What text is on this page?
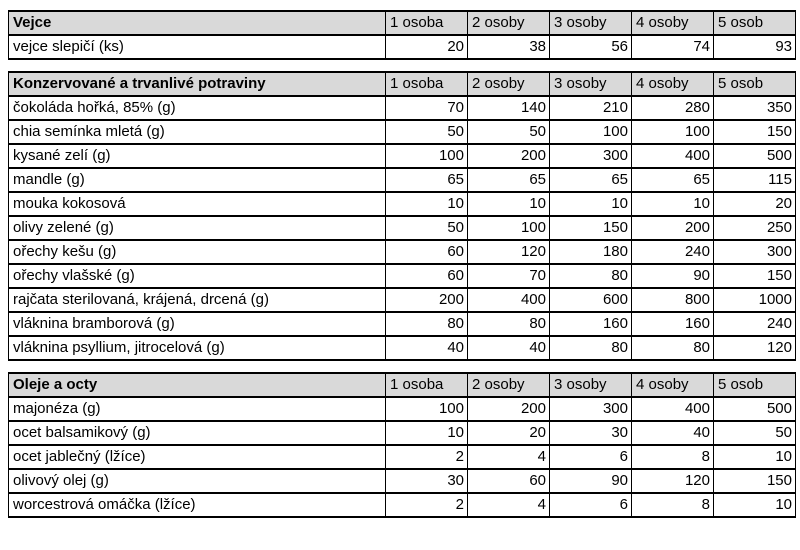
Vejce	1 osoba	2 osoby	3 osoby	4 osoby	5 osob
vejce slepičí (ks)	20	38	56	74	93
Konzervované a trvanlivé potraviny	1 osoba	2 osoby	3 osoby	4 osoby	5 osob
čokoláda hořká, 85% (g)	70	140	210	280	350
chia semínka mletá (g)	50	50	100	100	150
kysané zelí (g)	100	200	300	400	500
mandle (g)	65	65	65	65	115
mouka kokosová	10	10	10	10	20
olivy zelené (g)	50	100	150	200	250
ořechy kešu (g)	60	120	180	240	300
ořechy vlašské (g)	60	70	80	90	150
rajčata sterilovaná, krájená, drcená (g)	200	400	600	800	1000
vláknina bramborová (g)	80	80	160	160	240
vláknina psyllium, jitrocelová (g)	40	40	80	80	120
Oleje a octy	1 osoba	2 osoby	3 osoby	4 osoby	5 osob
majonéza (g)	100	200	300	400	500
ocet balsamikový (g)	10	20	30	40	50
ocet jablečný (lžíce)	2	4	6	8	10
olivový olej (g)	30	60	90	120	150
worcestrová omáčka (lžíce)	2	4	6	8	10
